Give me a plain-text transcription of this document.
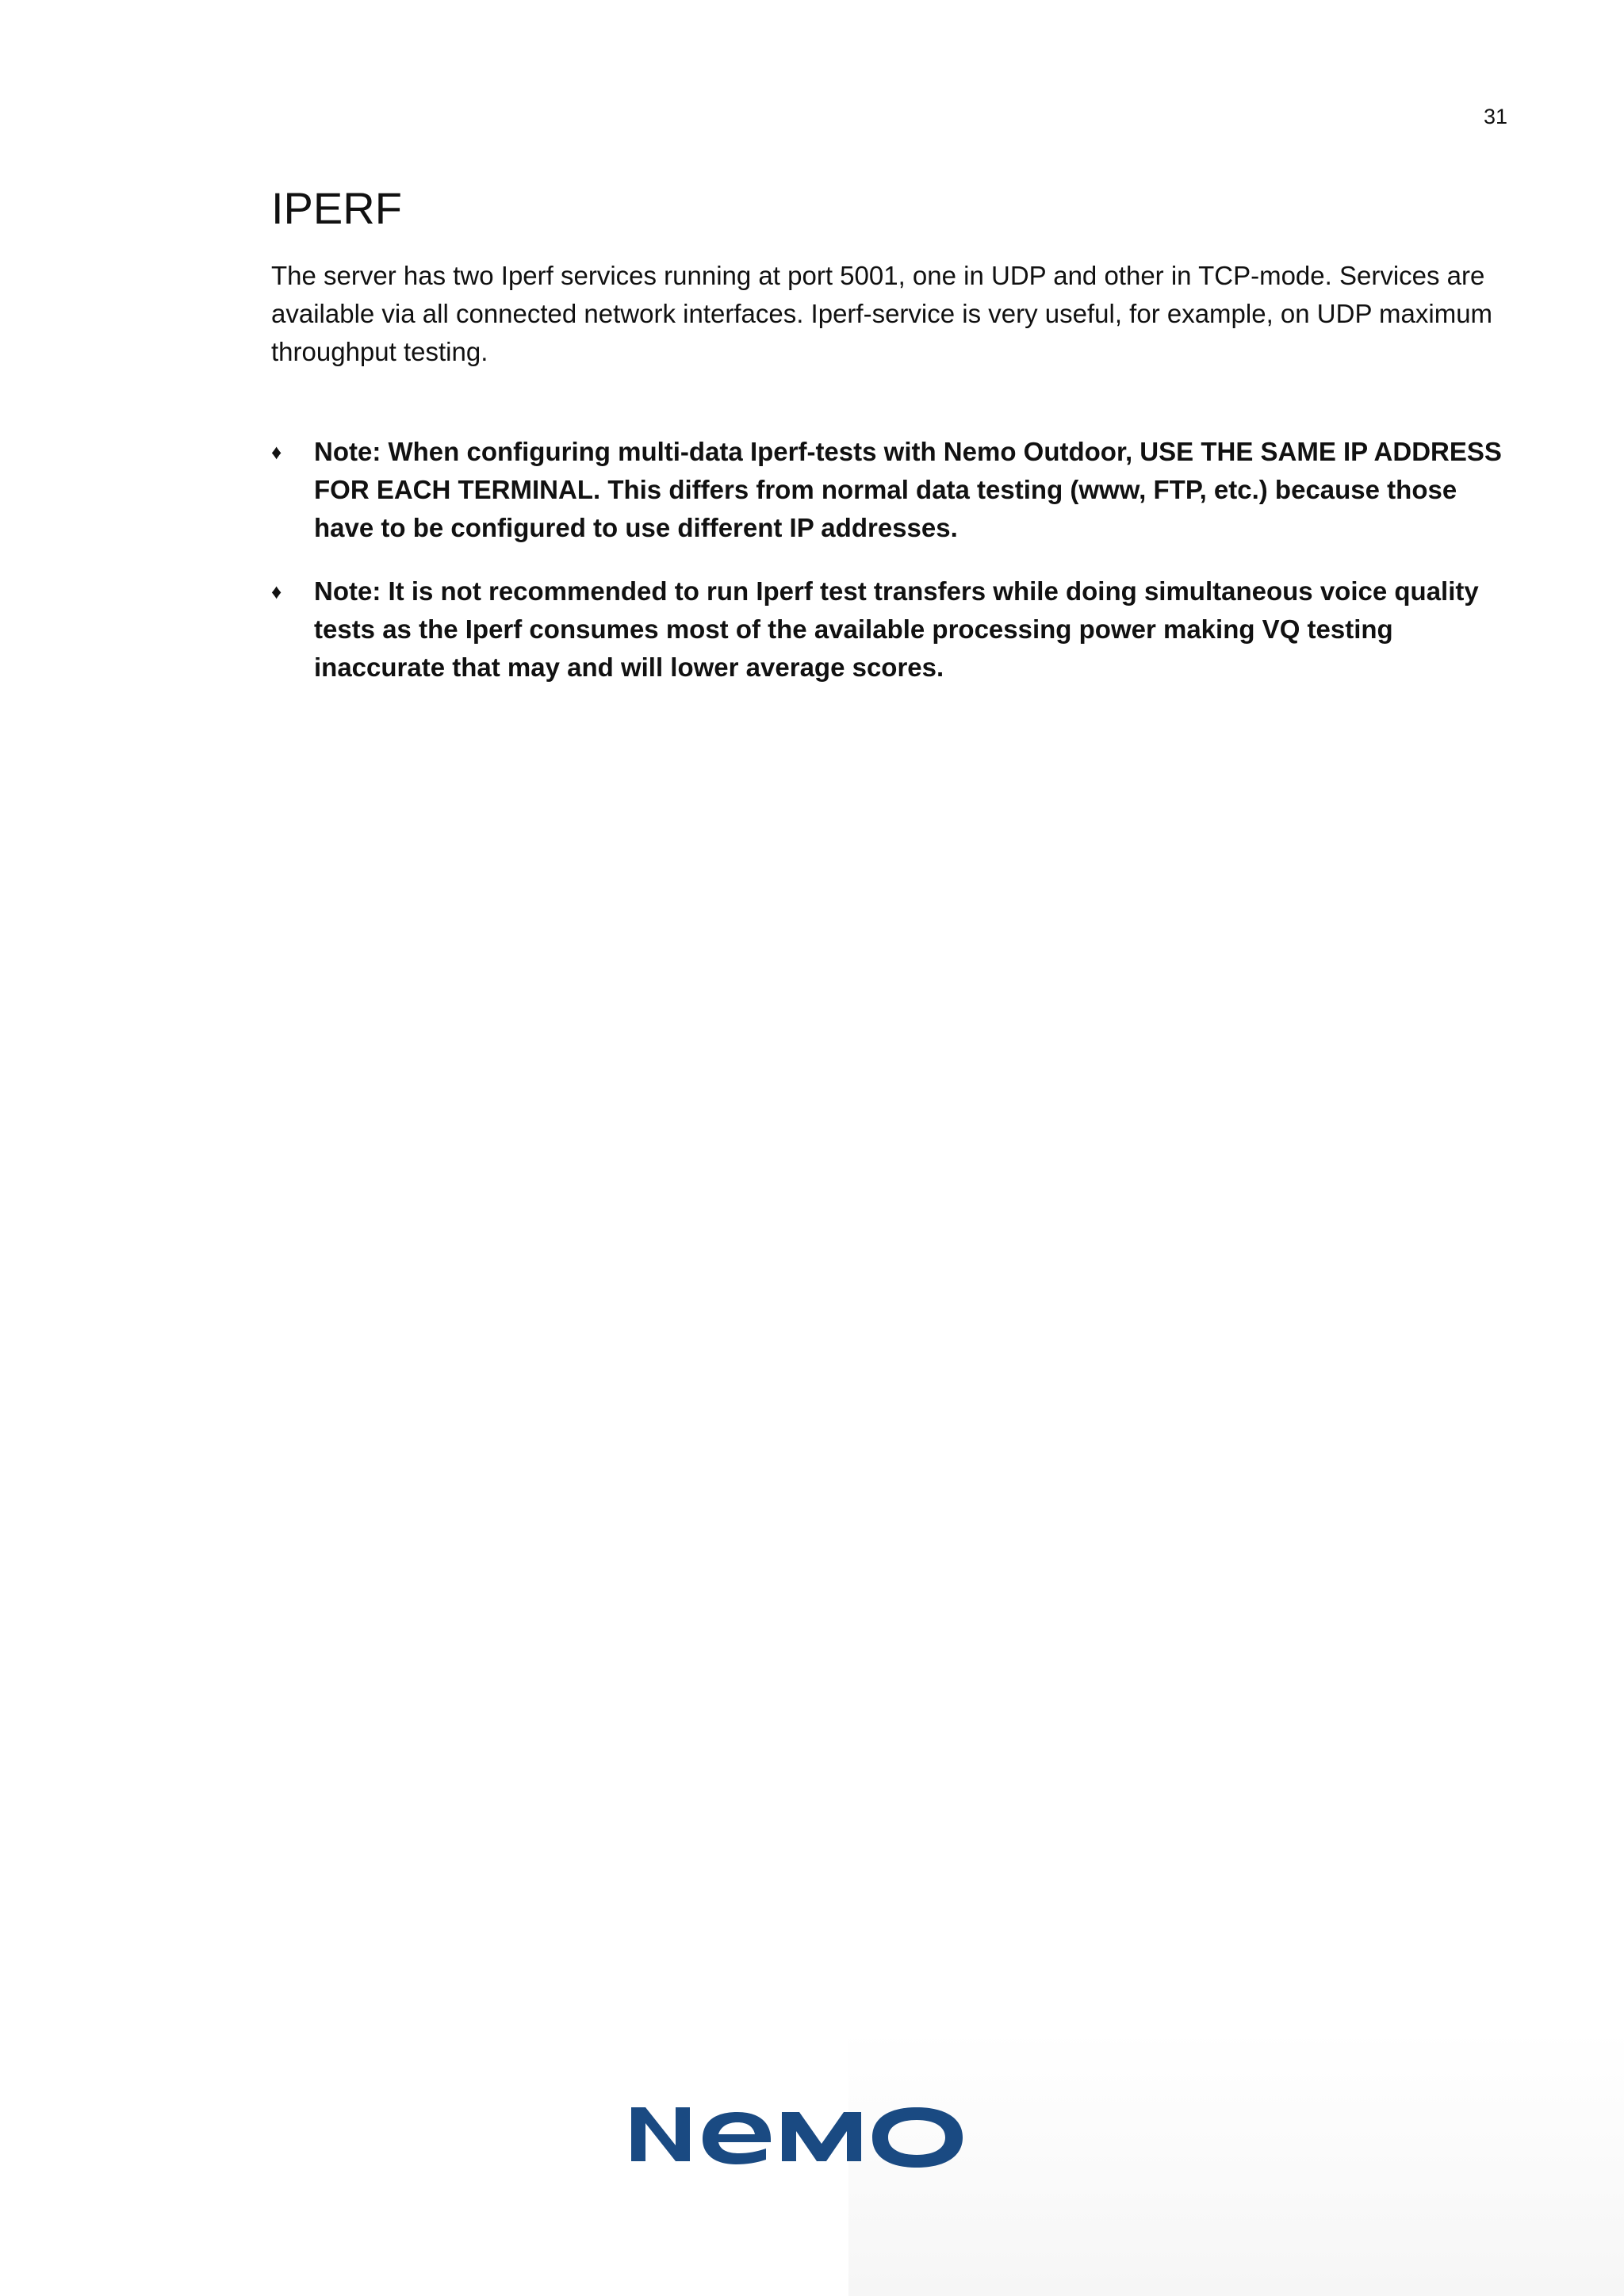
31
IPERF

The server has two Iperf services running at port 5001, one in UDP and other in TCP-mode. Services are available via all connected network interfaces. Iperf-service is very useful, for example, on UDP maximum throughput testing.

♦ Note: When configuring multi-data Iperf-tests with Nemo Outdoor, USE THE SAME IP ADDRESS FOR EACH TERMINAL. This differs from normal data testing (www, FTP, etc.) because those have to be configured to use different IP addresses.
♦ Note: It is not recommended to run Iperf test transfers while doing simultaneous voice quality tests as the Iperf consumes most of the available processing power making VQ testing inaccurate that may and will lower average scores.
